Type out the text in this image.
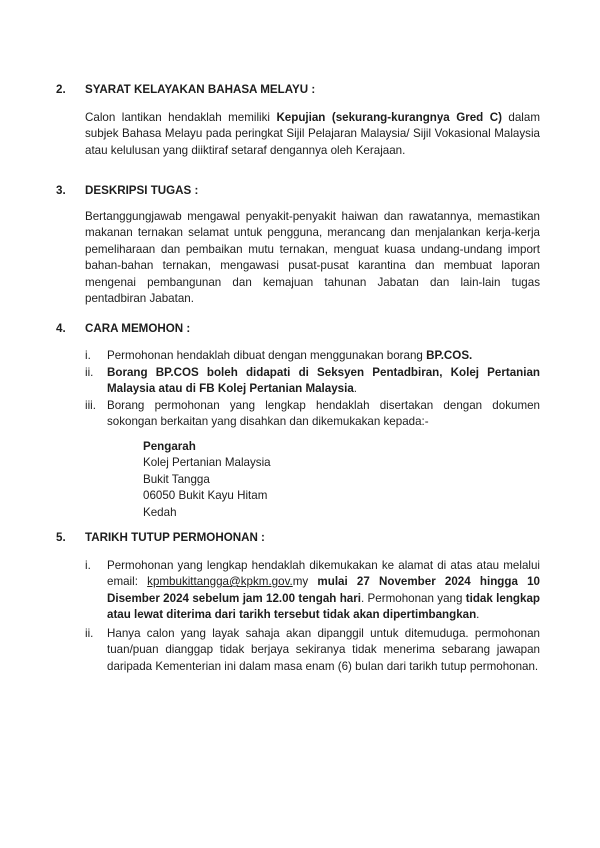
2.	SYARAT KELAYAKAN BAHASA MELAYU :
Calon lantikan hendaklah memiliki Kepujian (sekurang-kurangnya Gred C) dalam subjek Bahasa Melayu pada peringkat Sijil Pelajaran Malaysia/ Sijil Vokasional Malaysia atau kelulusan yang diiktiraf setaraf dengannya oleh Kerajaan.
3.	DESKRIPSI TUGAS :
Bertanggungjawab mengawal penyakit-penyakit haiwan dan rawatannya, memastikan makanan ternakan selamat untuk pengguna, merancang dan menjalankan kerja-kerja pemeliharaan dan pembaikan mutu ternakan, menguat kuasa undang-undang import bahan-bahan ternakan, mengawasi pusat-pusat karantina dan membuat laporan mengenai pembangunan dan kemajuan tahunan Jabatan dan lain-lain tugas pentadbiran Jabatan.
4.	CARA MEMOHON :
i.	Permohonan hendaklah dibuat dengan menggunakan borang BP.COS.
ii.	Borang BP.COS boleh didapati di Seksyen Pentadbiran, Kolej Pertanian Malaysia atau di FB Kolej Pertanian Malaysia.
iii. Borang permohonan yang lengkap hendaklah disertakan dengan dokumen sokongan berkaitan yang disahkan dan dikemukakan kepada:-
Pengarah
Kolej Pertanian Malaysia
Bukit Tangga
06050 Bukit Kayu Hitam
Kedah
5.	TARIKH TUTUP PERMOHONAN :
i.	Permohonan yang lengkap hendaklah dikemukakan ke alamat di atas atau melalui email: kpmbukittangga@kpkm.gov.my mulai 27 November 2024 hingga 10 Disember 2024 sebelum jam 12.00 tengah hari. Permohonan yang tidak lengkap atau lewat diterima dari tarikh tersebut tidak akan dipertimbangkan.
ii.	Hanya calon yang layak sahaja akan dipanggil untuk ditemuduga. permohonan tuan/puan dianggap tidak berjaya sekiranya tidak menerima sebarang jawapan daripada Kementerian ini dalam masa enam (6) bulan dari tarikh tutup permohonan.
